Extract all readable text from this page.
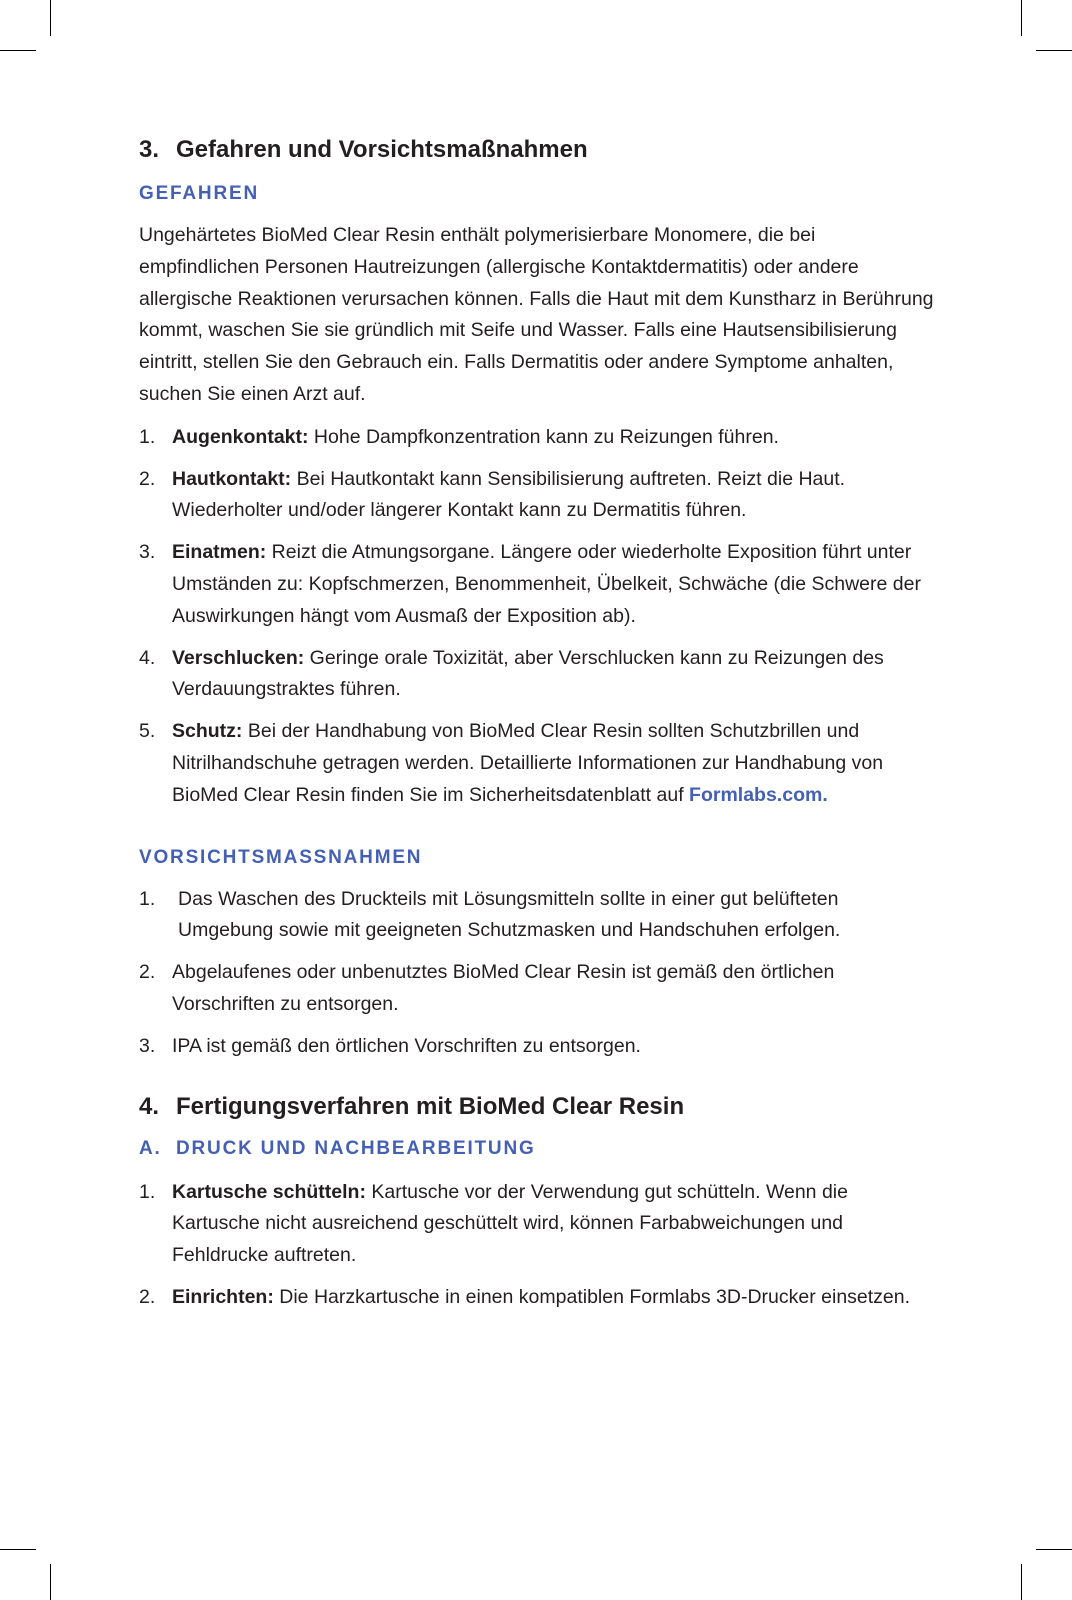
3. Gefahren und Vorsichtsmaßnahmen
GEFAHREN

Ungehärtetes BioMed Clear Resin enthält polymerisierbare Monomere, die bei empfindlichen Personen Hautreizungen (allergische Kontaktdermatitis) oder andere allergische Reaktionen verursachen können. Falls die Haut mit dem Kunstharz in Berührung kommt, waschen Sie sie gründlich mit Seife und Wasser. Falls eine Hautsensibilisierung eintritt, stellen Sie den Gebrauch ein. Falls Dermatitis oder andere Symptome anhalten, suchen Sie einen Arzt auf.

1. Augenkontakt: Hohe Dampfkonzentration kann zu Reizungen führen.
2. Hautkontakt: Bei Hautkontakt kann Sensibilisierung auftreten. Reizt die Haut. Wiederholter und/oder längerer Kontakt kann zu Dermatitis führen.
3. Einatmen: Reizt die Atmungsorgane. Längere oder wiederholte Exposition führt unter Umständen zu: Kopfschmerzen, Benommenheit, Übelkeit, Schwäche (die Schwere der Auswirkungen hängt vom Ausmaß der Exposition ab).
4. Verschlucken: Geringe orale Toxizität, aber Verschlucken kann zu Reizungen des Verdauungstraktes führen.
5. Schutz: Bei der Handhabung von BioMed Clear Resin sollten Schutzbrillen und Nitrilhandschuhe getragen werden. Detaillierte Informationen zur Handhabung von BioMed Clear Resin finden Sie im Sicherheitsdatenblatt auf Formlabs.com.
VORSICHTSMASSNAHMEN
1.	Das Waschen des Druckteils mit Lösungsmitteln sollte in einer gut belüfteten Umgebung sowie mit geeigneten Schutzmasken und Handschuhen erfolgen.
2. Abgelaufenes oder unbenutztes BioMed Clear Resin ist gemäß den örtlichen Vorschriften zu entsorgen.
3. IPA ist gemäß den örtlichen Vorschriften zu entsorgen.
4. Fertigungsverfahren mit BioMed Clear Resin
A. DRUCK UND NACHBEARBEITUNG
1. Kartusche schütteln: Kartusche vor der Verwendung gut schütteln. Wenn die Kartusche nicht ausreichend geschüttelt wird, können Farbabweichungen und Fehldrucke auftreten.
2. Einrichten: Die Harzkartusche in einen kompatiblen Formlabs 3D-Drucker einsetzen.
